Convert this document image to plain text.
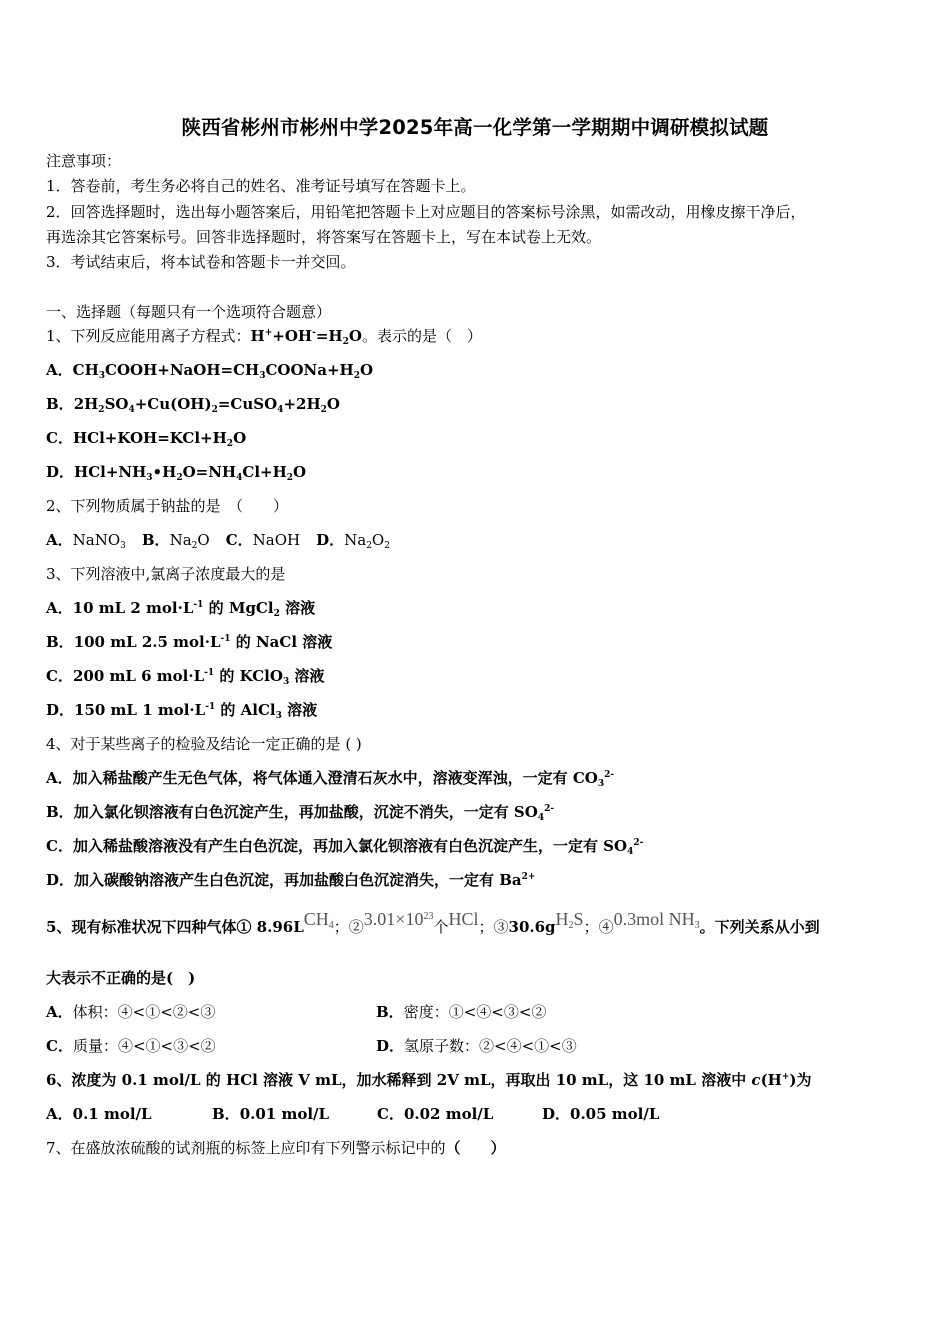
陕西省彬州市彬州中学2025年高一化学第一学期期中调研模拟试题
注意事项：
1．答卷前，考生务必将自己的姓名、准考证号填写在答题卡上。
2．回答选择题时，选出每小题答案后，用铅笔把答题卡上对应题目的答案标号涂黑，如需改动，用橡皮擦干净后，
再选涂其它答案标号。回答非选择题时，将答案写在答题卡上，写在本试卷上无效。
3．考试结束后，将本试卷和答题卡一并交回。
一、选择题（每题只有一个选项符合题意）
1、下列反应能用离子方程式：$H^++OH^-=H_2O$。表示的是（　）
A．$CH_3COOH+NaOH=CH_3COONa+H_2O$
B．$2H_2SO_4+Cu(OH)_2=CuSO_4+2H_2O$
C．$HCl+KOH=KCl+H_2O$
D．$HCl+NH_3•H_2O=NH_4Cl+H_2O$
2、下列物质属于钠盐的是　（　　）
A．NaNO$_3$ B．$Na_2O$ C．NaOH D．$Na_2O_2$
3、下列溶液中,氯离子浓度最大的是
A．10 mL 2 $mol\cdot L^{-1}$ 的 MgCl$_2$ 溶液
B．100 mL 2.5 $mol\cdot L^{-1}$ 的 NaCl 溶液
C．200 mL 6 $mol\cdot L^{-1}$ 的 KClO$_3$ 溶液
D．150 mL 1 $mol\cdot L^{-1}$ 的 AlCl$_3$ 溶液
4、对于某些离子的检验及结论一定正确的是 ( )
A．加入稀盐酸产生无色气体，将气体通入澄清石灰水中，溶液变浑浊，一定有 $CO_3^{2-}$
B．加入氯化钡溶液有白色沉淀产生，再加盐酸，沉淀不消失，一定有 $SO_4^{2-}$
C．加入稀盐酸溶液没有产生白色沉淀，再加入氯化钡溶液有白色沉淀产生，一定有 $SO_4^{2-}$
D．加入碳酸钠溶液产生白色沉淀，再加盐酸白色沉淀消失，一定有 $Ba^{2+}$
5、现有标准状况下四种气体① $8.96LCH_4$；$②3.01\times 10^{23}$个HCl；$③30.6gH_2S$；④0.3mol $NH_3$。下列关系从小到
大表示不正确的是(　)
A．体积：④<①<②<③	B．密度：①<④<③<②
C．质量：④<①<③<②	D．氢原子数：②<④<①<③
6、浓度为 0.1 mol/L 的 HCl 溶液 V mL，加水稀释到 2V mL，再取出 10 mL，这 10 mL 溶液中 c(H+)为
A．0.1 mol/L	B．0.01 mol/L	C．0.02 mol/L	D．0.05 mol/L
7、在盛放浓硫酸的试剂瓶的标签上应印有下列警示标记中的（　　）
